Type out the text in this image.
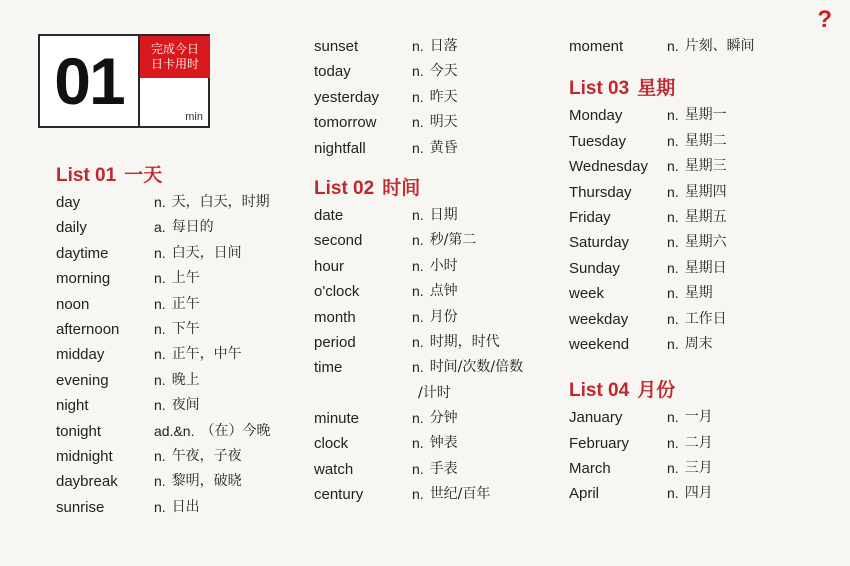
01	完成今日
日卡用时
min
?
List 01 一天
day	n. 天，白天，时期
daily	a. 每日的
daytime	n. 白天，日间
morning	n. 上午
noon	n. 正午
afternoon	n. 下午
midday	n. 正午，中午
evening	n. 晚上
night	n. 夜间
tonight	ad.&n. （在）今晚
midnight	n. 午夜，子夜
daybreak	n. 黎明，破晓
sunrise	n. 日出
sunset	n. 日落
today	n. 今天
yesterday	n. 昨天
tomorrow	n. 明天
nightfall	n. 黄昏
List 02 时间
date	n. 日期
second	n. 秒/第二
hour	n. 小时
o'clock	n. 点钟
month	n. 月份
period	n. 时期，时代
time	n. 时间/次数/倍数
/计时
minute	n. 分钟
clock	n. 钟表
watch	n. 手表
century	n. 世纪/百年
moment	n. 片刻、瞬间
List 03 星期
Monday	n. 星期一
Tuesday	n. 星期二
Wednesday	n. 星期三
Thursday	n. 星期四
Friday	n. 星期五
Saturday	n. 星期六
Sunday	n. 星期日
week	n. 星期
weekday	n. 工作日
weekend	n. 周末
List 04 月份
January	n. 一月
February	n. 二月
March	n. 三月
April	n. 四月
